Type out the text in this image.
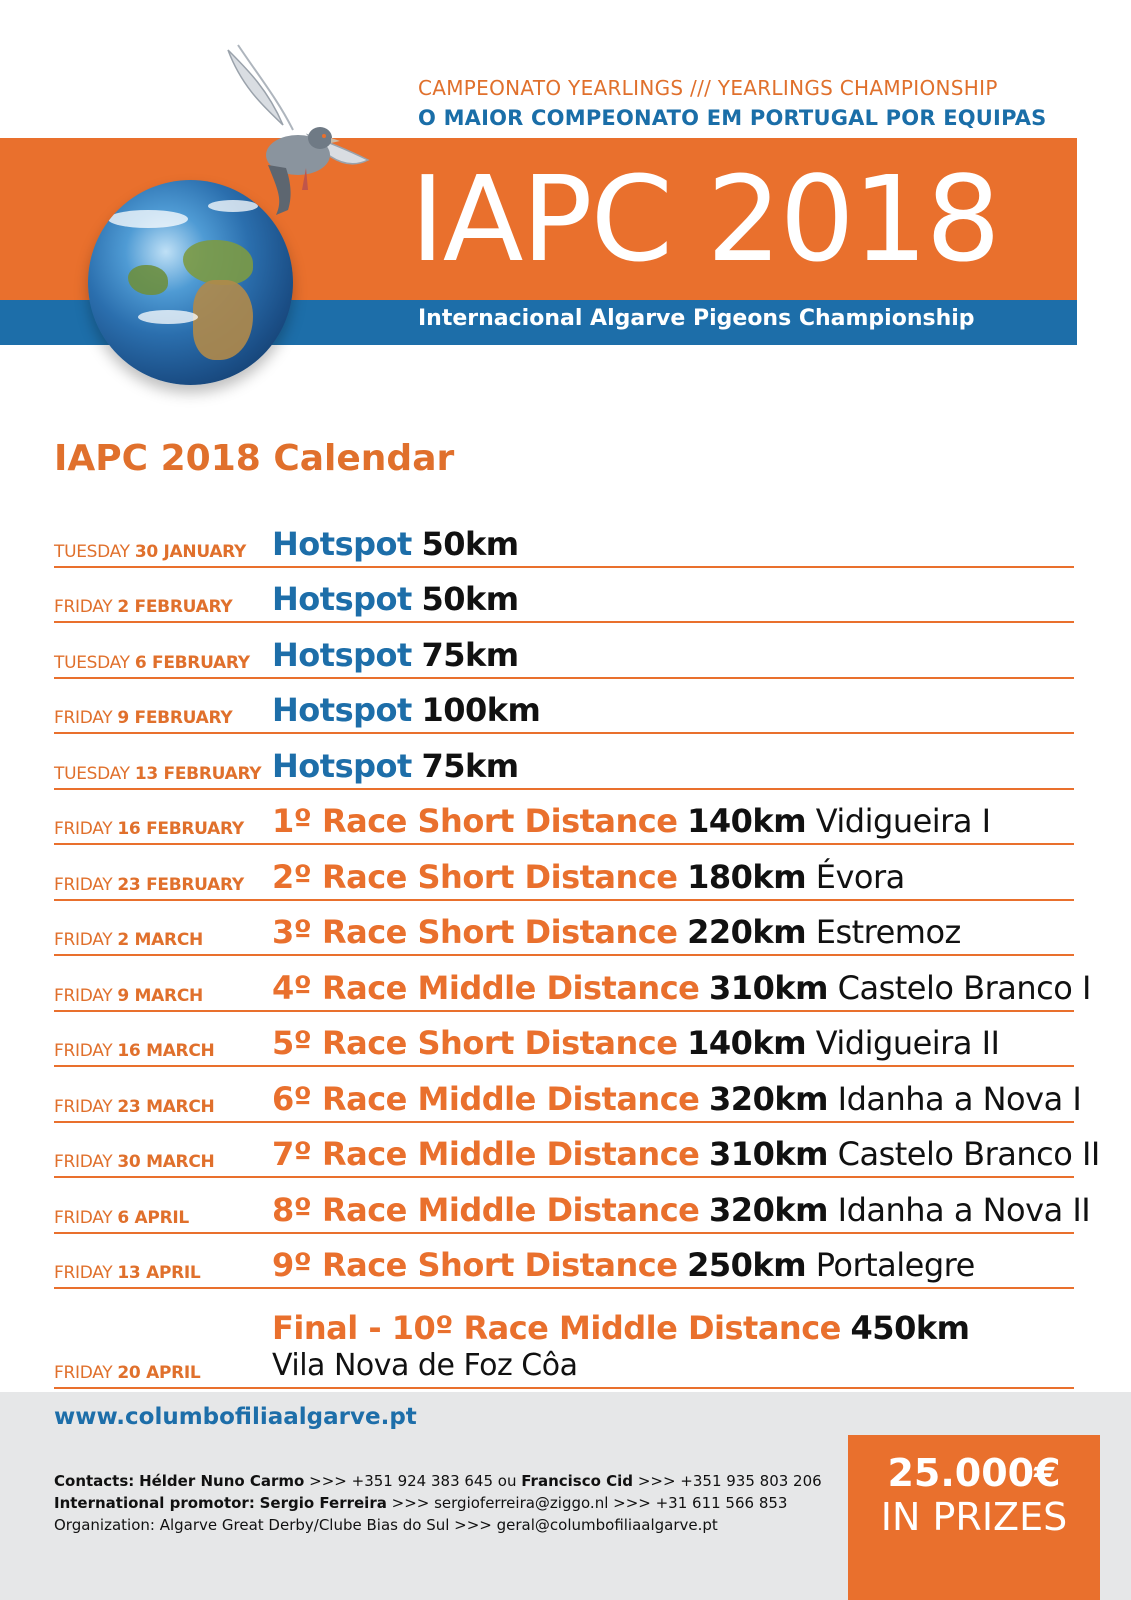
CAMPEONATO YEARLINGS /// YEARLINGS CHAMPIONSHIP
O MAIOR COMPEONATO EM PORTUGAL POR EQUIPAS
IAPC 2018
Internacional Algarve Pigeons Championship
IAPC 2018 Calendar
TUESDAY 30 JANUARY Hotspot 50km
FRIDAY 2 FEBRUARY Hotspot 50km
TUESDAY 6 FEBRUARY Hotspot 75km
FRIDAY 9 FEBRUARY Hotspot 100km
TUESDAY 13 FEBRUARY Hotspot 75km
FRIDAY 16 FEBRUARY 1º Race Short Distance 140km Vidigueira I
FRIDAY 23 FEBRUARY 2º Race Short Distance 180km Évora
FRIDAY 2 MARCH 3º Race Short Distance 220km Estremoz
FRIDAY 9 MARCH 4º Race Middle Distance 310km Castelo Branco I
FRIDAY 16 MARCH 5º Race Short Distance 140km Vidigueira II
FRIDAY 23 MARCH 6º Race Middle Distance 320km Idanha a Nova I
FRIDAY 30 MARCH 7º Race Middle Distance 310km Castelo Branco II
FRIDAY 6 APRIL	8º Race Middle Distance 320km Idanha a Nova II
FRIDAY 13 APRIL 9º Race Short Distance 250km Portalegre
FRIDAY 20 APRIL
Final - 10º Race Middle Distance 450km
Vila Nova de Foz Côa
www.columbofiliaalgarve.pt
Contacts: Hélder Nuno Carmo >>> +351 924 383 645 ou Francisco Cid >>> +351 935 803 206
International promotor: Sergio Ferreira >>> sergioferreira@ziggo.nl >>> +31 611 566 853
Organization: Algarve Great Derby/Clube Bias do Sul >>> geral@columbofiliaalgarve.pt
25.000€
IN PRIZES
